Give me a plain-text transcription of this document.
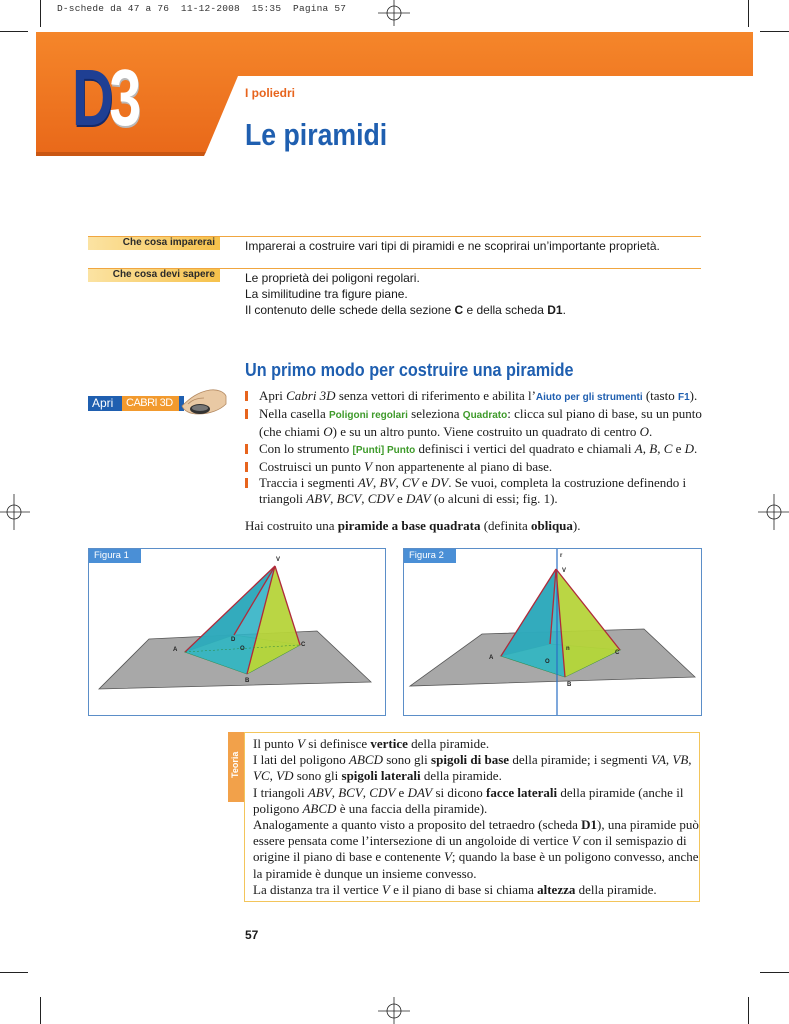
D-schede da 47 a 76  11-12-2008  15:35  Pagina 57
D3	I poliedri
Le piramidi
Che cosa imparerai	Imparerai a costruire vari tipi di piramidi e ne scoprirai un’importante proprietà.
Che cosa devi sapere	Le proprietà dei poligoni regolari.
La similitudine tra figure piane.
Il contenuto delle schede della sezione C e della scheda D1.
Un primo modo per costruire una piramide
Apri	CABRI 3D	Apri Cabri 3D senza vettori di riferimento e abilita l’Aiuto per gli strumenti (tasto F1).

Nella casella Poligoni regolari seleziona Quadrato: clicca sul piano di base, su un punto (che chiami O) e su un altro punto. Viene costruito un quadrato di centro O.

Con lo strumento [Punti] Punto definisci i vertici del quadrato e chiamali A, B, C e D.

Costruisci un punto V non appartenente al piano di base.

Traccia i segmenti AV, BV, CV e DV. Se vuoi, completa la costruzione definendo i triangoli ABV, BCV, CDV e DAV (o alcuni di essi; fig. 1).

Hai costruito una piramide a base quadrata (definita obliqua).
Figura 1	V
A
B
C
D
O
Figura 2	r
V
A
B
C
O
n
Teoria

Il punto V si definisce vertice della piramide.

I lati del poligono ABCD sono gli spigoli di base della piramide; i segmenti VA, VB, VC, VD sono gli spigoli laterali della piramide.

I triangoli ABV, BCV, CDV e DAV si dicono facce laterali della piramide (anche il poligono ABCD è una faccia della piramide).

Analogamente a quanto visto a proposito del tetraedro (scheda D1), una piramide può essere pensata come l’intersezione di un angoloide di vertice V con il semispazio di origine il piano di base e contenente V; quando la base è un poligono convesso, anche la piramide è dunque un insieme convesso.

La distanza tra il vertice V e il piano di base si chiama altezza della piramide.

57
